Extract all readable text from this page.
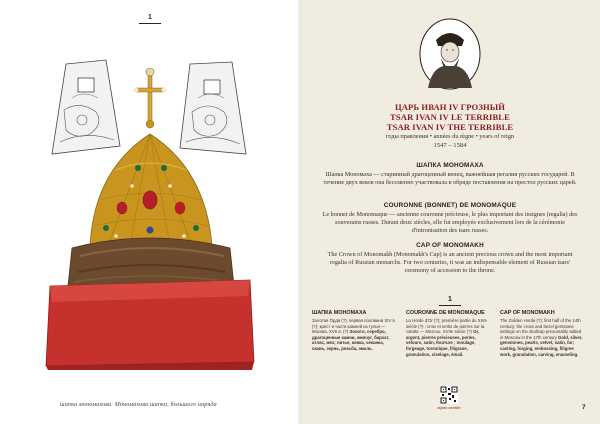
1
шапка мономахова. Мономахова шапка, большого наряда
ЦАРЬ ИВАН IV ГРОЗНЫЙ
TSAR IVAN IV LE TERRIBLE
TSAR IVAN IV THE TERRIBLE
годы правления • années du règne • years of reign
1547 – 1584
ШАПКА МОНОМАХА
Шапка Мономаха — старинный драгоценный венец, важнейшая регалия русских государей. В течение двух веков она бессменно участвовала в обряде поставления на престол русских царей.
COURONNE (BONNET) DE MONOMAQUE
Le bonnet de Monomaque — ancienne couronne précieuse, le plus important des insignes (regalia) des souverains russes. Durant deux siècles, elle fut employée exclusivement lors de la cérémonie d'intronisation des tsars russes.
CAP OF MONOMAKH
The Crown of Monomakh (Monomakh's Cap) is an ancient precious crown and the most important regalia of Russian monarchs. For two centuries, it was an indispensable element of Russian tsars' ceremony of accession to the throne.
1
ШАПКА МОНОМАХА
Золотая Орда (?); первая половина XIV в. (?); крест и части камней из тулья — Москва, XVII в. (?) Золото, серебро, драгоценные камни, жемчуг, бархат, атлас, мех; литье, ковка, чеканка, скань, зернь, резьба, эмаль.
COURONNE DE MONOMAQUE
La Horde d'Or (?); première partie du XIVe siècle (?) ; croix et sertis de pierres sur la calotte — Moscou, XVIIe siècle (?) Or, argent, pierres précieuses, perles, velours, satin, fourrure ; moulage, forgeage, toreutique, filigrane, granulation, ciselage, émail.
CAP OF MONOMAKH
The Golden Horde (?); first half of the 14th century; the cross and bezel gemstone settings on the skullcap presumably added in Moscow in the 17th century Gold, silver, gemstones, pearls, velvet, satin, fur; casting, forging, embossing, filigree work, granulation, carving, enameling.
музеи онлайн	7
